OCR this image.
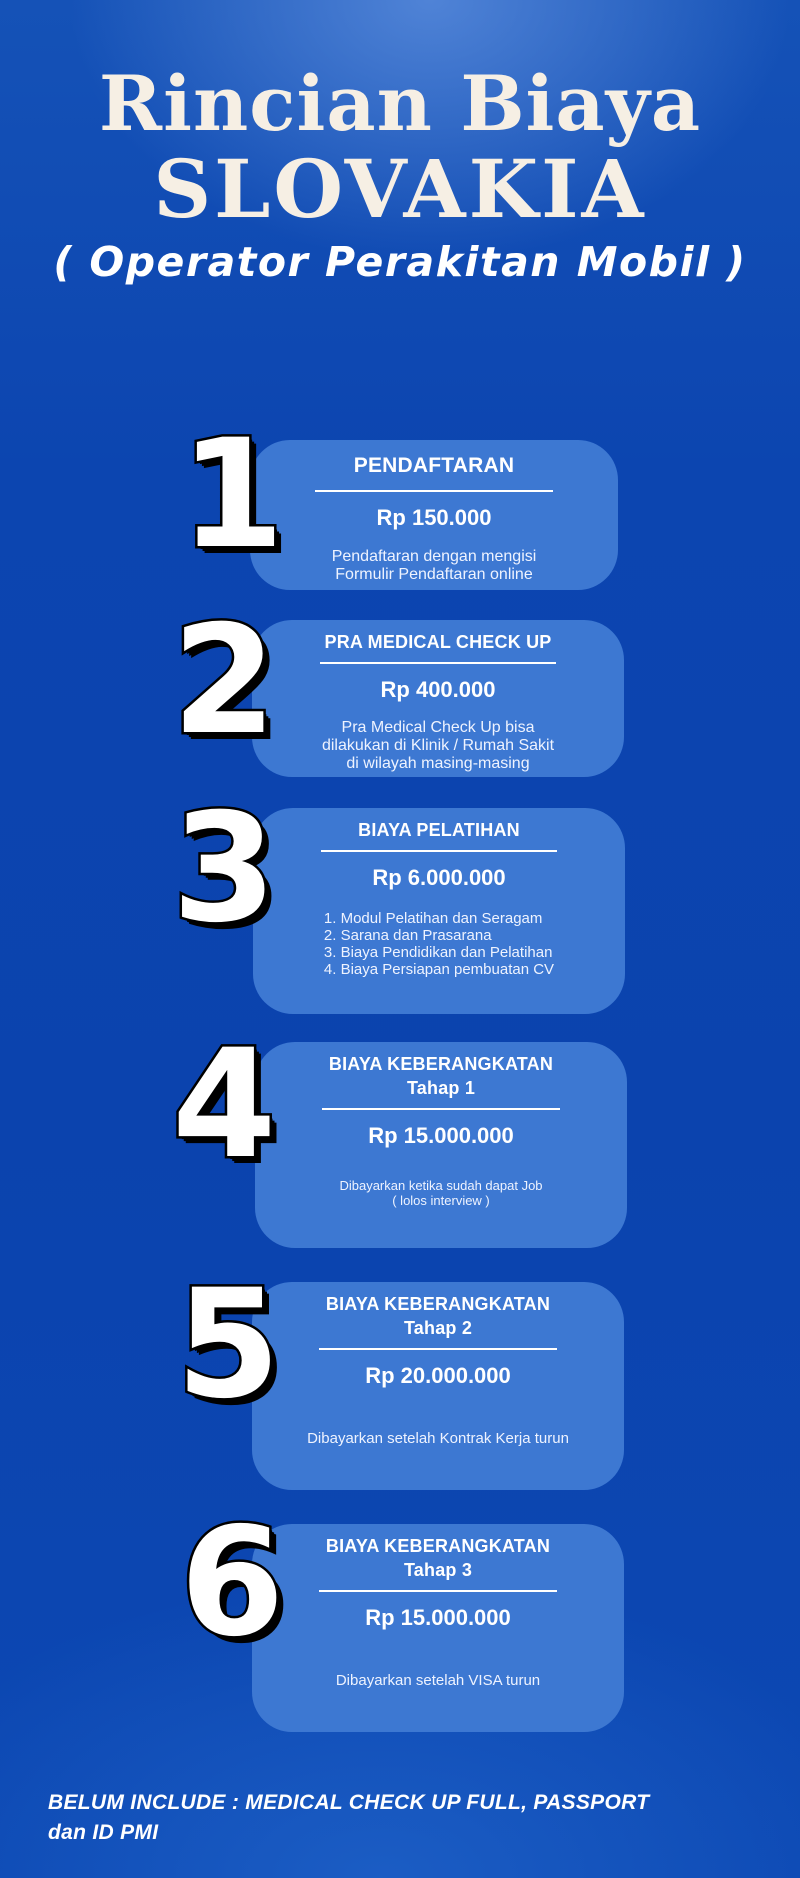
Rincian Biaya
SLOVAKIA
( Operator Perakitan Mobil )
PENDAFTARAN
Rp 150.000
Pendaftaran dengan mengisi
Formulir Pendaftaran online
1
PRA MEDICAL CHECK UP
Rp 400.000
Pra Medical Check Up bisa
dilakukan di Klinik / Rumah Sakit
di wilayah masing-masing
2
BIAYA PELATIHAN
Rp 6.000.000
1. Modul Pelatihan dan Seragam
2. Sarana dan Prasarana
3. Biaya Pendidikan dan Pelatihan
4. Biaya Persiapan pembuatan CV
3
BIAYA KEBERANGKATAN
Tahap 1
Rp 15.000.000
Dibayarkan ketika sudah dapat Job
( lolos interview )
4
BIAYA KEBERANGKATAN
Tahap 2
Rp 20.000.000
Dibayarkan setelah Kontrak Kerja turun
5
BIAYA KEBERANGKATAN
Tahap 3
Rp 15.000.000
Dibayarkan setelah VISA turun
6
BELUM INCLUDE : MEDICAL CHECK UP FULL, PASSPORT
dan ID PMI
